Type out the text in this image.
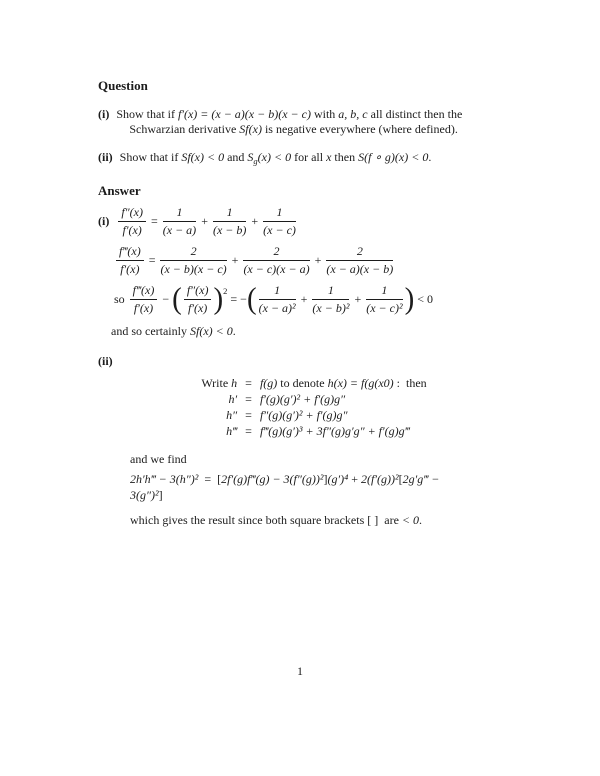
Question
(i) Show that if f′(x) = (x − a)(x − b)(x − c) with a, b, c all distinct then the
Schwarzian derivative Sf(x) is negative everywhere (where defined).
(ii) Show that if Sf(x) < 0 and $S_g(x) < 0$ for all x then S(f ∘ g)(x) < 0.
Answer
$(i) \frac{f''(x)}{f'(x)} = \frac{1}{(x - a)} + \frac{1}{(x - b)} + \frac{1}{(x - c)}$
$\frac{f‴(x)}{f'(x)} = \frac{2}{(x - b)(x - c)} + \frac{2}{(x - c)(x - a)} + \frac{2}{(x - a)(x - b)}$
so $\frac{f‴(x)}{f'(x)}$ − ( $\frac{f''(x)}{f'(x)}$ ) 2
= − ( $\frac{1}{\text{(x − a)²}} + \frac{1}{\text{(x − b)²}} + \frac{1}{\text{(x − c)²}}$ ) < 0
and so certainly Sf(x) < 0.
(ii)
Write h	=	f(g) to denote h(x) = f(g(x0) :  then
h′	=	f′(g)(g′)² + f′(g)g″
h″	=	f″(g)(g′)² + f′(g)g″
h‴	=	f‴(g)(g′)³ + 3f″(g)g′g″ + f′(g)g‴
and we find
2h′h‴ − 3(h″)²  =  [2f′(g)f‴(g) − 3(f″(g))²](g′)⁴ + 2(f′(g))²[2g′g‴ −
3(g″)²]
which gives the result since both square brackets [ ]  are < 0.
1
